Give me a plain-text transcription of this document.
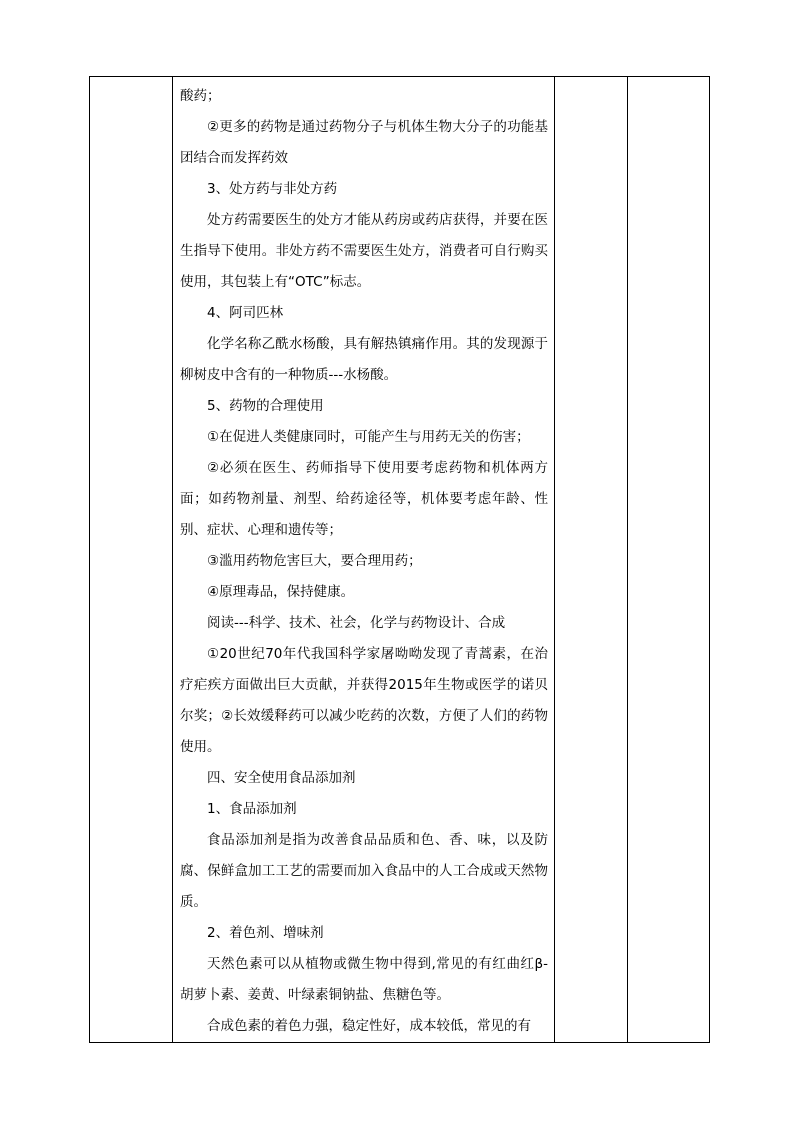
酸药；

②更多的药物是通过药物分子与机体生物大分子的功能基团结合而发挥药效

3、处方药与非处方药

处方药需要医生的处方才能从药房或药店获得，并要在医生指导下使用。非处方药不需要医生处方，消费者可自行购买使用，其包装上有“OTC”标志。

4、阿司匹林

化学名称乙酰水杨酸，具有解热镇痛作用。其的发现源于柳树皮中含有的一种物质---水杨酸。

5、药物的合理使用

①在促进人类健康同时，可能产生与用药无关的伤害；

②必须在医生、药师指导下使用要考虑药物和机体两方面；如药物剂量、剂型、给药途径等，机体要考虑年龄、性别、症状、心理和遗传等；

③滥用药物危害巨大，要合理用药；

④原理毒品，保持健康。

阅读---科学、技术、社会，化学与药物设计、合成

①20世纪70年代我国科学家屠呦呦发现了青蒿素，在治疗疟疾方面做出巨大贡献，并获得2015年生物或医学的诺贝尔奖；②长效缓释药可以减少吃药的次数，方便了人们的药物使用。

四、安全使用食品添加剂

1、食品添加剂

食品添加剂是指为改善食品品质和色、香、味，以及防腐、保鲜盒加工工艺的需要而加入食品中的人工合成或天然物质。

2、着色剂、增味剂

天然色素可以从植物或微生物中得到,常见的有红曲红β-胡萝卜素、姜黄、叶绿素铜钠盐、焦糖色等。

合成色素的着色力强，稳定性好，成本较低，常见的有
